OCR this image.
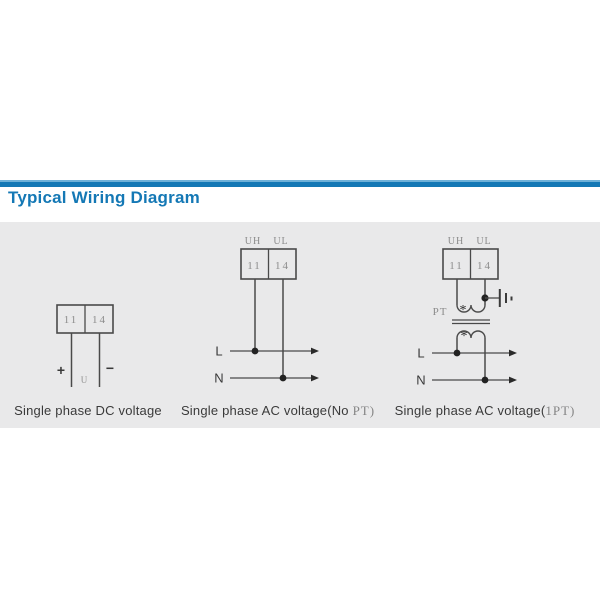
Typical Wiring Diagram
11 14
+	−
U
UH UL
11 14
L
N
UH UL
11 14
PT *
*
L
N
Single phase DC voltage	Single phase AC voltage(No PT)	Single phase AC voltage(1PT)
